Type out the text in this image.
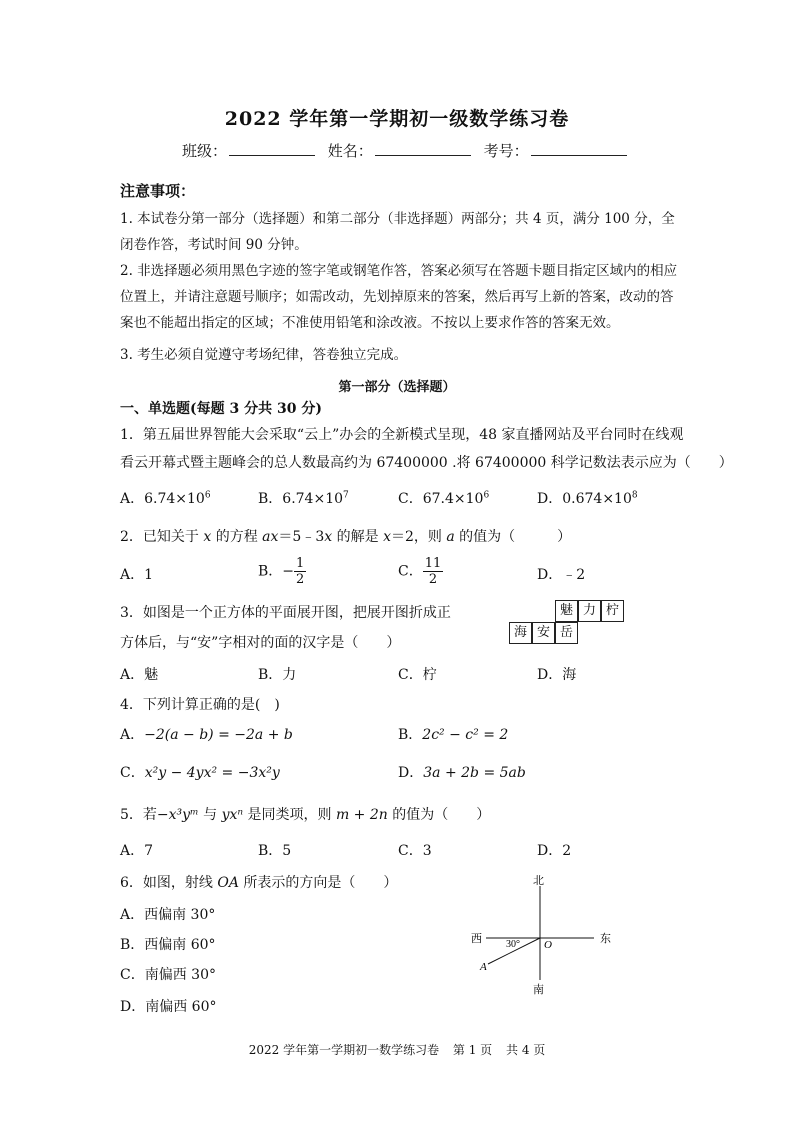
2022 学年第一学期初一级数学练习卷
班级：	姓名：	考号：
注意事项：
1. 本试卷分第一部分（选择题）和第二部分（非选择题）两部分；共 4 页，满分 100 分，全闭卷作答，考试时间 90 分钟。
2. 非选择题必须用黑色字迹的签字笔或钢笔作答，答案必须写在答题卡题目指定区域内的相应位置上，并请注意题号顺序；如需改动，先划掉原来的答案，然后再写上新的答案，改动的答案也不能超出指定的区域；不准使用铅笔和涂改液。不按以上要求作答的答案无效。
3. 考生必须自觉遵守考场纪律，答卷独立完成。
第一部分（选择题）
一、单选题(每题 3 分共 30 分)
1．第五届世界智能大会采取“云上”办会的全新模式呈现，48 家直播网站及平台同时在线观
看云开幕式暨主题峰会的总人数最高约为 67400000 .将 67400000 科学记数法表示应为（　　）
A．$6.74\times 10^6$	B．$6.74\times 10^7$	C．$67.4\times 10^6$	D．$0.674\times 10^8$
2．已知关于 x 的方程 ax＝5﹣3x 的解是 x＝2，则 a 的值为（　　　）
A．1	B．− $\frac{1}{2}$	C． $\frac{11}{2}$	D．﹣2
3．如图是一个正方体的平面展开图，把展开图折成正
方体后，与“安”字相对的面的汉字是（　　）
魅 力 柠
海 安 岳
A．魅	B．力	C．柠	D．海
4．下列计算正确的是(　)
A．−2(a − b) = −2a + b	B．2c² − c² = 2
C．x²y − 4yx² = −3x²y	D．3a + 2b = 5ab
5．若−x³yᵐ 与 yxⁿ 是同类项，则 m + 2n 的值为（　　）
A．7	B．5	C．3	D．2
6．如图，射线 OA 所表示的方向是（　　）
A．西偏南 30°
B．西偏南 60°
C．南偏西 30°
D．南偏西 60°
北
南
西	东
O
A
30°
2022 学年第一学期初一数学练习卷 第 1 页 共 4 页
